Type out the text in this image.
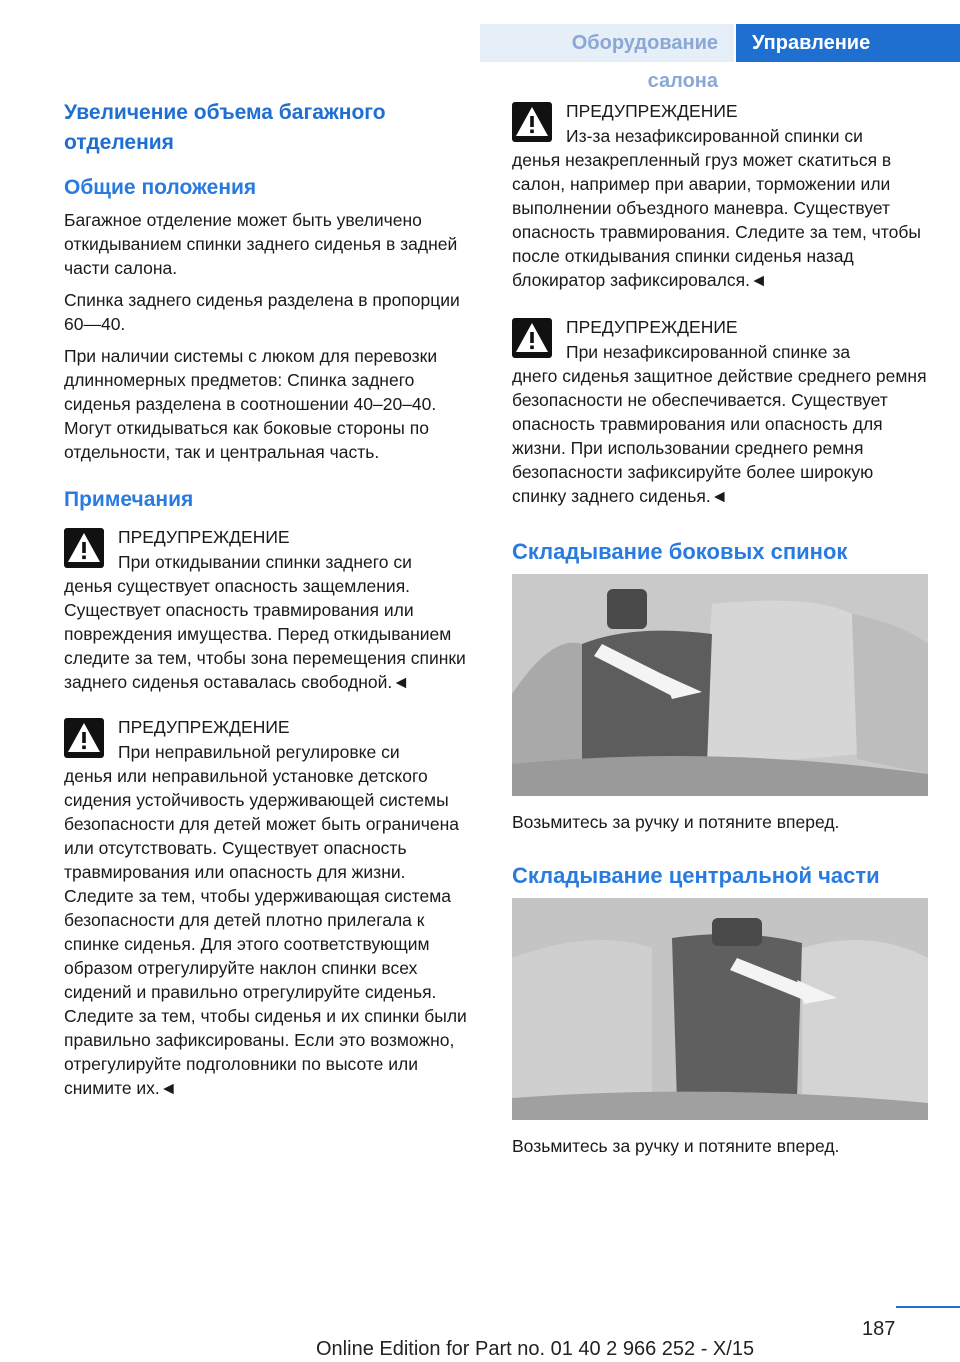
Оборудование салона
Управление
Увеличение объема багажного отделения
Общие положения

Багажное отделение может быть увеличено откидыванием спинки заднего сиденья в задней части салона.

Спинка заднего сиденья разделена в пропорции 60—40.

При наличии системы с люком для перевозки длинномерных предметов: Спинка заднего сиденья разделена в соотношении 40–20–40. Могут откидываться как боковые стороны по отдельности, так и центральная часть.

Примечания
ПРЕДУПРЕЖДЕНИЕ
При откидывании спинки заднего си

денья существует опасность защемления. Существует опасность травмирования или повреждения имущества. Перед откидыванием следите за тем, чтобы зона перемещения спинки заднего сиденья оставалась свободной.◄

ПРЕДУПРЕЖДЕНИЕ
При неправильной регулировке си

денья или неправильной установке детского сидения устойчивость удерживающей системы безопасности для детей может быть ограничена или отсутствовать. Существует опасность травмирования или опасность для жизни. Следите за тем, чтобы удерживающая система безопасности для детей плотно прилегала к спинке сиденья. Для этого соответствующим образом отрегулируйте наклон спинки всех сидений и правильно отрегулируйте сиденья. Следите за тем, чтобы сиденья и их спинки были правильно зафиксированы. Если это возможно, отрегулируйте подголовники по высоте или снимите их.◄

ПРЕДУПРЕЖДЕНИЕ
Из-за незафиксированной спинки си

денья незакрепленный груз может скатиться в салон, например при аварии, торможении или выполнении объездного маневра. Существует опасность травмирования. Следите за тем, чтобы после откидывания спинки сиденья назад блокиратор зафиксировался.◄

ПРЕДУПРЕЖДЕНИЕ
При незафиксированной спинке за

днего сиденья защитное действие среднего ремня безопасности не обеспечивается. Существует опасность травмирования или опасность для жизни. При использовании среднего ремня безопасности зафиксируйте более широкую спинку заднего сиденья.◄

Складывание боковых спинок

Возьмитесь за ручку и потяните вперед.

Складывание центральной части

Возьмитесь за ручку и потяните вперед.

187
Online Edition for Part no. 01 40 2 966 252 - X/15
